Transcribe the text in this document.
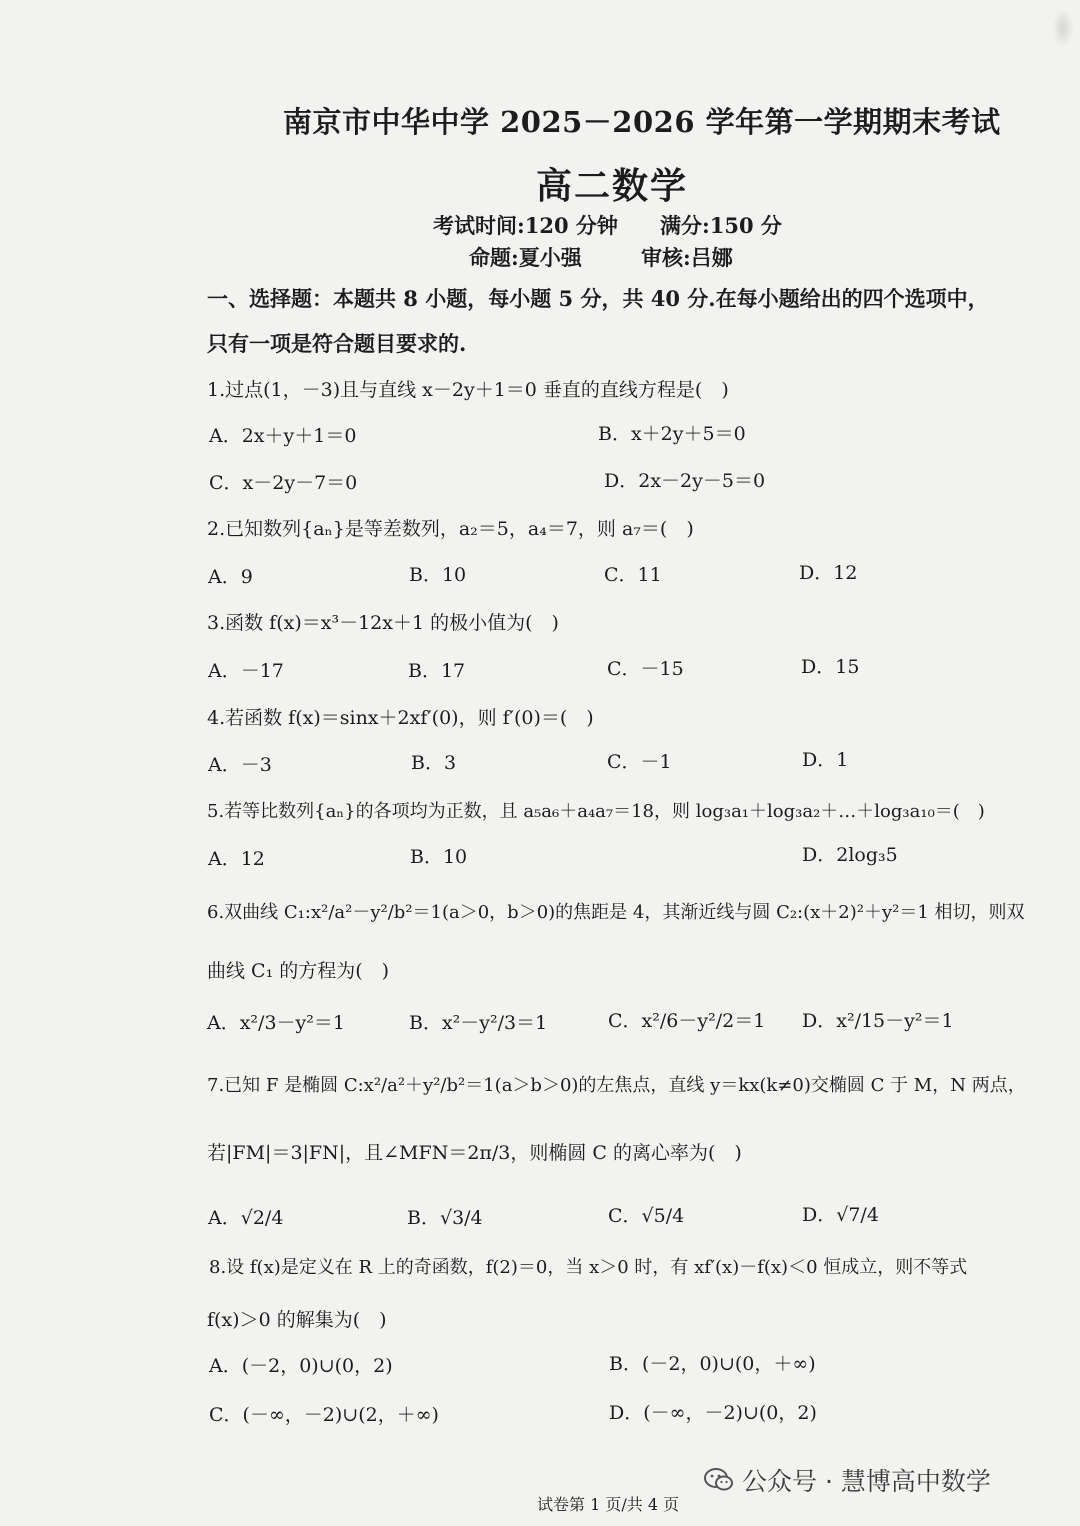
南京市中华中学 2025－2026 学年第一学期期末考试
高二数学
考试时间:120 分钟 满分:150 分
命题:夏小强	审核:吕娜
一、选择题：本题共 8 小题，每小题 5 分，共 40 分.在每小题给出的四个选项中，
只有一项是符合题目要求的.
1.过点(1，－3)且与直线 x－2y＋1＝0 垂直的直线方程是(　)
A．2x＋y＋1＝0	B．x＋2y＋5＝0
C．x－2y－7＝0	D．2x－2y－5＝0
2.已知数列{aₙ}是等差数列，a₂＝5，a₄＝7，则 a₇＝(　)
A．9	B．10	C．11	D．12
3.函数 f(x)＝x³－12x＋1 的极小值为(　)
A．－17	B．17	C．－15	D．15
4.若函数 f(x)＝sinx＋2xf′(0)，则 f′(0)＝(　)
A．－3	B．3	C．－1	D．1
5.若等比数列{aₙ}的各项均为正数，且 a₅a₆＋a₄a₇＝18，则 log₃a₁＋log₃a₂＋…＋log₃a₁₀＝(　)
A．12	B．10	D．2log₃5
6.双曲线 C₁:x²/a²－y²/b²＝1(a＞0，b＞0)的焦距是 4，其渐近线与圆 C₂:(x＋2)²＋y²＝1 相切，则双
曲线 C₁ 的方程为(　)
A．x²/3－y²＝1	B．x²－y²/3＝1	C．x²/6－y²/2＝1 D．x²/15－y²＝1
7.已知 F 是椭圆 C:x²/a²＋y²/b²＝1(a＞b＞0)的左焦点，直线 y＝kx(k≠0)交椭圆 C 于 M，N 两点，
若|FM|＝3|FN|，且∠MFN＝2π/3，则椭圆 C 的离心率为(　)
A．√2/4	B．√3/4	C．√5/4	D．√7/4
8.设 f(x)是定义在 R 上的奇函数，f(2)＝0，当 x＞0 时，有 xf′(x)－f(x)＜0 恒成立，则不等式
f(x)＞0 的解集为(　)
A．(－2，0)∪(0，2)	B．(－2，0)∪(0，＋∞)
C．(－∞，－2)∪(2，＋∞)	D．(－∞，－2)∪(0，2)
公众号 · 慧博高中数学
试卷第 1 页/共 4 页
